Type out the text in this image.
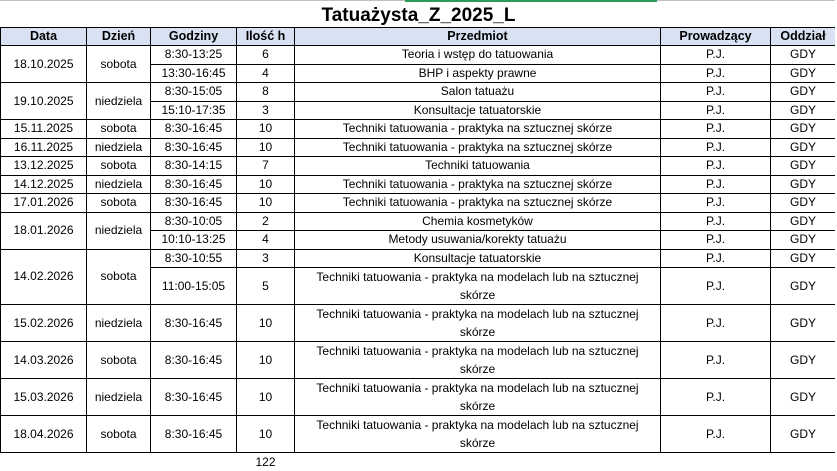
Tatuażysta_Z_2025_L
Data	Dzień	Godziny	Ilość h	Przedmiot	Prowadzący	Oddział
18.10.2025	sobota	8:30-13:25	6	Teoria i wstęp do tatuowania	P.J.	GDY
		13:30-16:45	4	BHP i aspekty prawne	P.J.	GDY
19.10.2025	niedziela	8:30-15:05	8	Salon tatuażu	P.J.	GDY
		15:10-17:35	3	Konsultacje tatuatorskie	P.J.	GDY
15.11.2025	sobota	8:30-16:45	10	Techniki tatuowania - praktyka na sztucznej skórze	P.J.	GDY
16.11.2025	niedziela	8:30-16:45	10	Techniki tatuowania - praktyka na sztucznej skórze	P.J.	GDY
13.12.2025	sobota	8:30-14:15	7	Techniki tatuowania	P.J.	GDY
14.12.2025	niedziela	8:30-16:45	10	Techniki tatuowania - praktyka na sztucznej skórze	P.J.	GDY
17.01.2026	sobota	8:30-16:45	10	Techniki tatuowania - praktyka na sztucznej skórze	P.J.	GDY
18.01.2026	niedziela	8:30-10:05	2	Chemia kosmetyków	P.J.	GDY
		10:10-13:25	4	Metody usuwania/korekty tatuażu	P.J.	GDY
14.02.2026	sobota	8:30-10:55	3	Konsultacje tatuatorskie	P.J.	GDY
		11:00-15:05	5	Techniki tatuowania - praktyka na modelach lub na sztucznej skórze	P.J.	GDY
15.02.2026	niedziela	8:30-16:45	10	Techniki tatuowania - praktyka na modelach lub na sztucznej skórze	P.J.	GDY
14.03.2026	sobota	8:30-16:45	10	Techniki tatuowania - praktyka na modelach lub na sztucznej skórze	P.J.	GDY
15.03.2026	niedziela	8:30-16:45	10	Techniki tatuowania - praktyka na modelach lub na sztucznej skórze	P.J.	GDY
18.04.2026	sobota	8:30-16:45	10	Techniki tatuowania - praktyka na modelach lub na sztucznej skórze	P.J.	GDY
			122			
